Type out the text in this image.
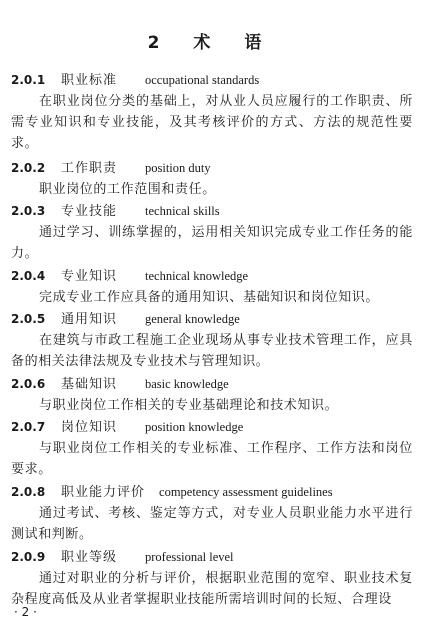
2 术 语
2.0.1 职业标准 occupational standards
在职业岗位分类的基础上，对从业人员应履行的工作职责、所需专业知识和专业技能，及其考核评价的方式、方法的规范性要求。
2.0.2 工作职责 position duty
职业岗位的工作范围和责任。
2.0.3 专业技能 technical skills
通过学习、训练掌握的，运用相关知识完成专业工作任务的能力。
2.0.4 专业知识 technical knowledge
完成专业工作应具备的通用知识、基础知识和岗位知识。
2.0.5 通用知识 general knowledge
在建筑与市政工程施工企业现场从事专业技术管理工作，应具备的相关法律法规及专业技术与管理知识。
2.0.6 基础知识 basic knowledge
与职业岗位工作相关的专业基础理论和技术知识。
2.0.7 岗位知识 position knowledge
与职业岗位工作相关的专业标准、工作程序、工作方法和岗位要求。
2.0.8 职业能力评价 competency assessment guidelines
通过考试、考核、鉴定等方式，对专业人员职业能力水平进行测试和判断。
2.0.9 职业等级 professional level
通过对职业的分析与评价，根据职业范围的宽窄、职业技术复杂程度高低及从业者掌握职业技能所需培训时间的长短、合理设
· 2 ·
